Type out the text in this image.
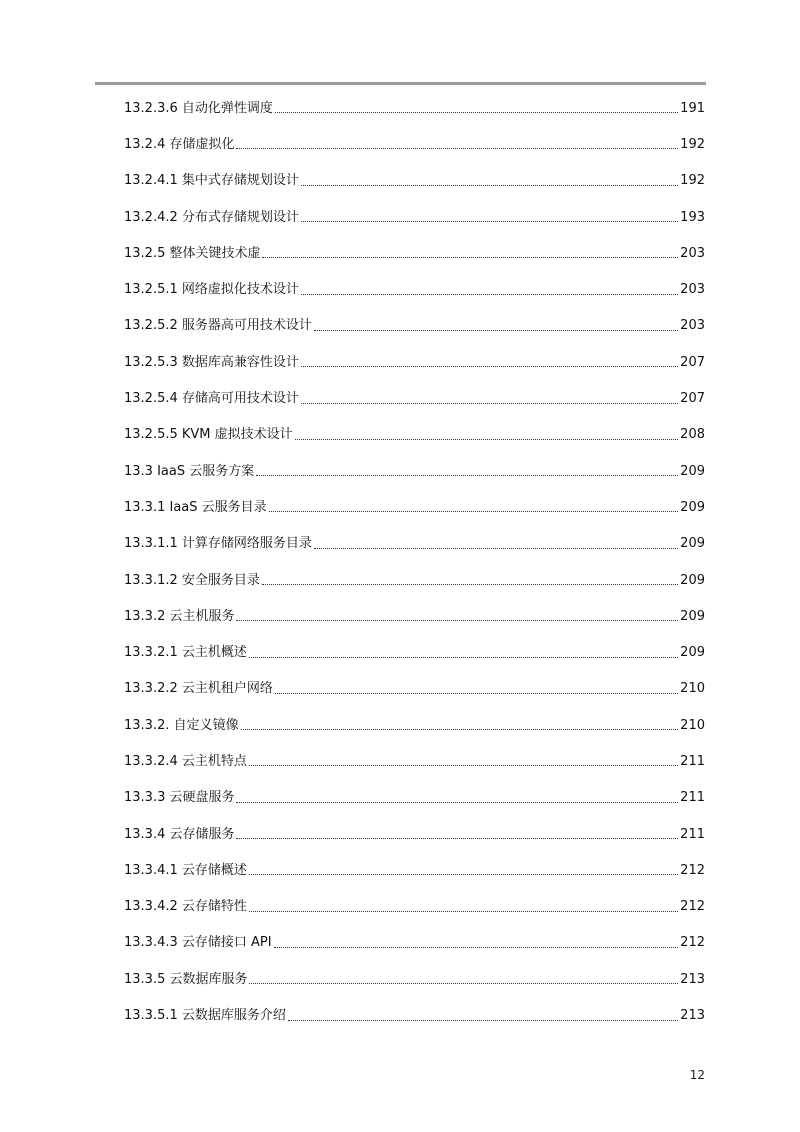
13.2.3.6 自动化弹性调度	191
13.2.4 存储虚拟化	192
13.2.4.1 集中式存储规划设计	192
13.2.4.2 分布式存储规划设计	193
13.2.5 整体关键技术虚	203
13.2.5.1 网络虚拟化技术设计	203
13.2.5.2 服务器高可用技术设计	203
13.2.5.3 数据库高兼容性设计	207
13.2.5.4 存储高可用技术设计	207
13.2.5.5 KVM 虚拟技术设计	208
13.3 IaaS 云服务方案	209
13.3.1 IaaS 云服务目录	209
13.3.1.1 计算存储网络服务目录	209
13.3.1.2 安全服务目录	209
13.3.2 云主机服务	209
13.3.2.1 云主机概述	209
13.3.2.2 云主机租户网络	210
13.3.2. 自定义镜像	210
13.3.2.4 云主机特点	211
13.3.3 云硬盘服务	211
13.3.4 云存储服务	211
13.3.4.1 云存储概述	212
13.3.4.2 云存储特性	212
13.3.4.3 云存储接口 API	212
13.3.5 云数据库服务	213
13.3.5.1 云数据库服务介绍	213
12
